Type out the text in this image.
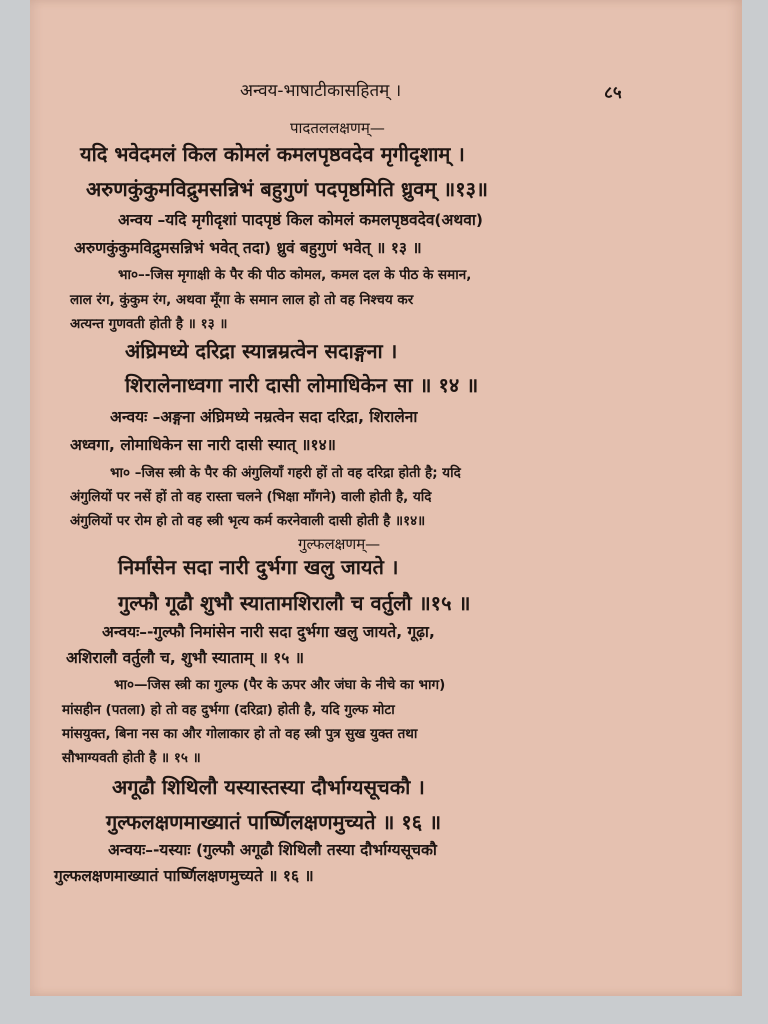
अन्वय-भाषाटीकासहितम् ।	८५
पादतललक्षणम्—
यदि भवेदमलं किल कोमलं कमलपृष्ठवदेव मृगीदृशाम् ।
अरुणकुंकुमविद्रुमसन्निभं बहुगुणं पदपृष्ठमिति ध्रुवम् ॥१३॥
अन्वय –यदि मृगीदृशां पादपृष्ठं किल कोमलं कमलपृष्ठवदेव(अथवा)
अरुणकुंकुमविद्रुमसन्निभं भवेत् तदा) ध्रुवं बहुगुणं भवेत् ॥ १३ ॥
भा०–-जिस मृगाक्षी के पैर की पीठ कोमल, कमल दल के पीठ के समान,
लाल रंग, कुंकुम रंग, अथवा मूँगा के समान लाल हो तो वह निश्चय कर
अत्यन्त गुणवती होती है ॥ १३ ॥
अंघ्रिमध्ये दरिद्रा स्यान्नम्रत्वेन सदाङ्गना ।
शिरालेनाध्वगा नारी दासी लोमाधिकेन सा ॥ १४ ॥
अन्वयः –अङ्गना अंघ्रिमध्ये नम्रत्वेन सदा दरिद्रा, शिरालेना
अध्वगा, लोमाधिकेन सा नारी दासी स्यात् ॥१४॥
भा० –जिस स्त्री के पैर की अंगुलियाँ गहरी हों तो वह दरिद्रा होती है; यदि
अंगुलियों पर नसें हों तो वह रास्ता चलने (भिक्षा माँगने) वाली होती है, यदि
अंगुलियों पर रोम हो तो वह स्त्री भृत्य कर्म करनेवाली दासी होती है ॥१४॥
गुल्फलक्षणम्—
निर्मांसेन सदा नारी दुर्भगा खलु जायते ।
गुल्फौ गूढौ शुभौ स्यातामशिरालौ च वर्तुलौ ॥१५ ॥
अन्वयः–-गुल्फौ निमांसेन नारी सदा दुर्भगा खलु जायते, गूढ़ा,
अशिरालौ वर्तुलौ च, शुभौ स्याताम् ॥ १५ ॥
भा०—जिस स्त्री का गुल्फ (पैर के ऊपर और जंघा के नीचे का भाग)
मांसहीन (पतला) हो तो वह दुर्भगा (दरिद्रा) होती है, यदि गुल्फ मोटा
मांसयुक्त, बिना नस का और गोलाकार हो तो वह स्त्री पुत्र सुख युक्त तथा
सौभाग्यवती होती है ॥ १५ ॥
अगूढौ शिथिलौ यस्यास्तस्या दौर्भाग्यसूचकौ ।
गुल्फलक्षणमाख्यातं पार्ष्णिलक्षणमुच्यते ॥ १६ ॥
अन्वयः–-यस्याः (गुल्फौ अगूढौ शिथिलौ तस्या दौर्भाग्यसूचकौ
गुल्फलक्षणमाख्यातं पार्ष्णिलक्षणमुच्यते ॥ १६ ॥
